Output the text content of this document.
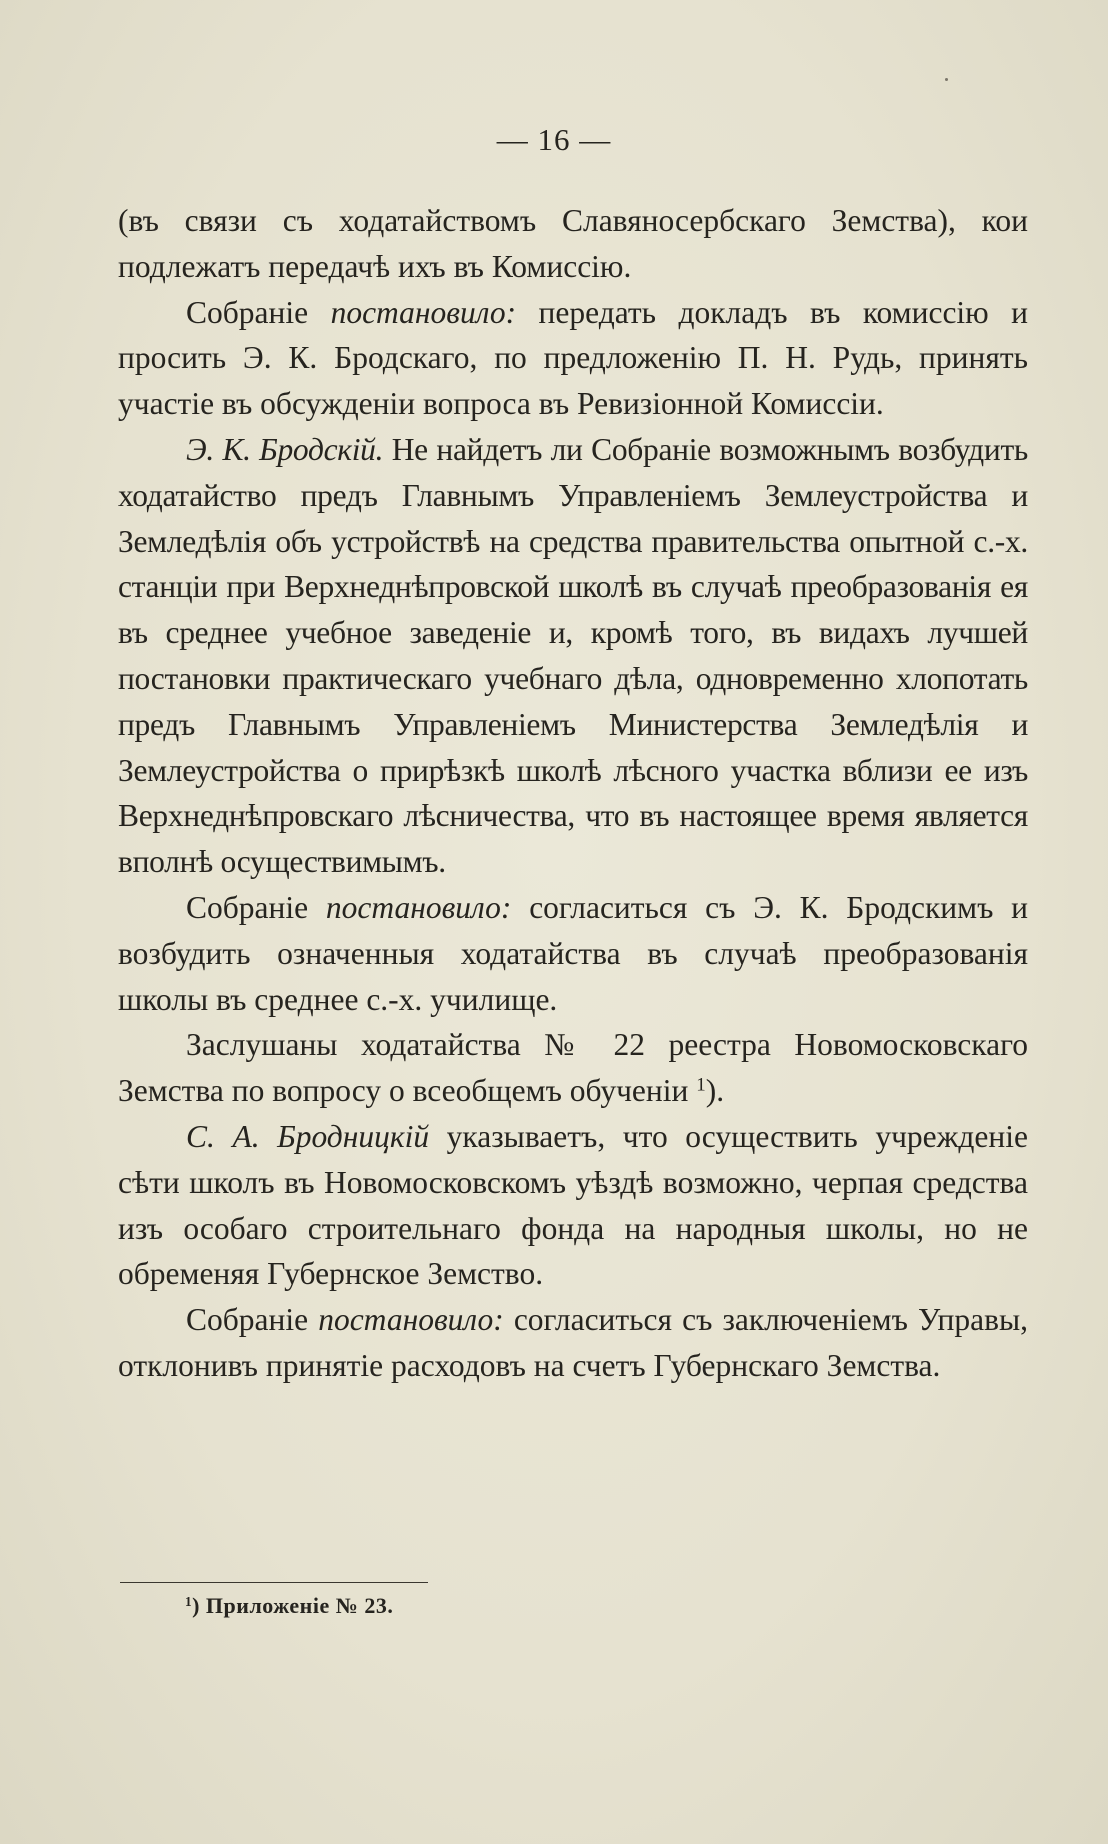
— 16 —

(въ связи съ ходатайствомъ Славяносербскаго Земства), кои подлежатъ передачѣ ихъ въ Комиссію.

Собраніе постановило: передать докладъ въ комиссію и просить Э. К. Бродскаго, по предложенію П. Н. Рудь, принять участіе въ обсужденіи вопроса въ Ревизіонной Комиссіи.

Э. К. Бродскій. Не найдетъ ли Собраніе возможнымъ возбудить ходатайство предъ Главнымъ Управленіемъ Землеустройства и Земледѣлія объ устройствѣ на средства правительства опытной с.-х. станціи при Верхнеднѣпровской школѣ въ случаѣ преобразованія ея въ среднее учебное заведеніе и, кромѣ того, въ видахъ лучшей постановки практическаго учебнаго дѣла, одновременно хлопотать предъ Главнымъ Управленіемъ Министерства Земледѣлія и Землеустройства о прирѣзкѣ школѣ лѣсного участка вблизи ее изъ Верхнеднѣпровскаго лѣсничества, что въ настоящее время является вполнѣ осуществимымъ.

Собраніе постановило: согласиться съ Э. К. Бродскимъ и возбудить означенныя ходатайства въ случаѣ преобразованія школы въ среднее с.-х. училище.

Заслушаны ходатайства № 22 реестра Новомосковскаго Земства по вопросу о всеобщемъ обученіи $^1$).

С. А. Бродницкій указываетъ, что осуществить учрежденіе сѣти школъ въ Новомосковскомъ уѣздѣ возможно, черпая средства изъ особаго строительнаго фонда на народныя школы, но не обременяя Губернское Земство.

Собраніе постановило: согласиться съ заключеніемъ Управы, отклонивъ принятіе расходовъ на счетъ Губернскаго Земства.

$^1$) Приложеніе № 23.
